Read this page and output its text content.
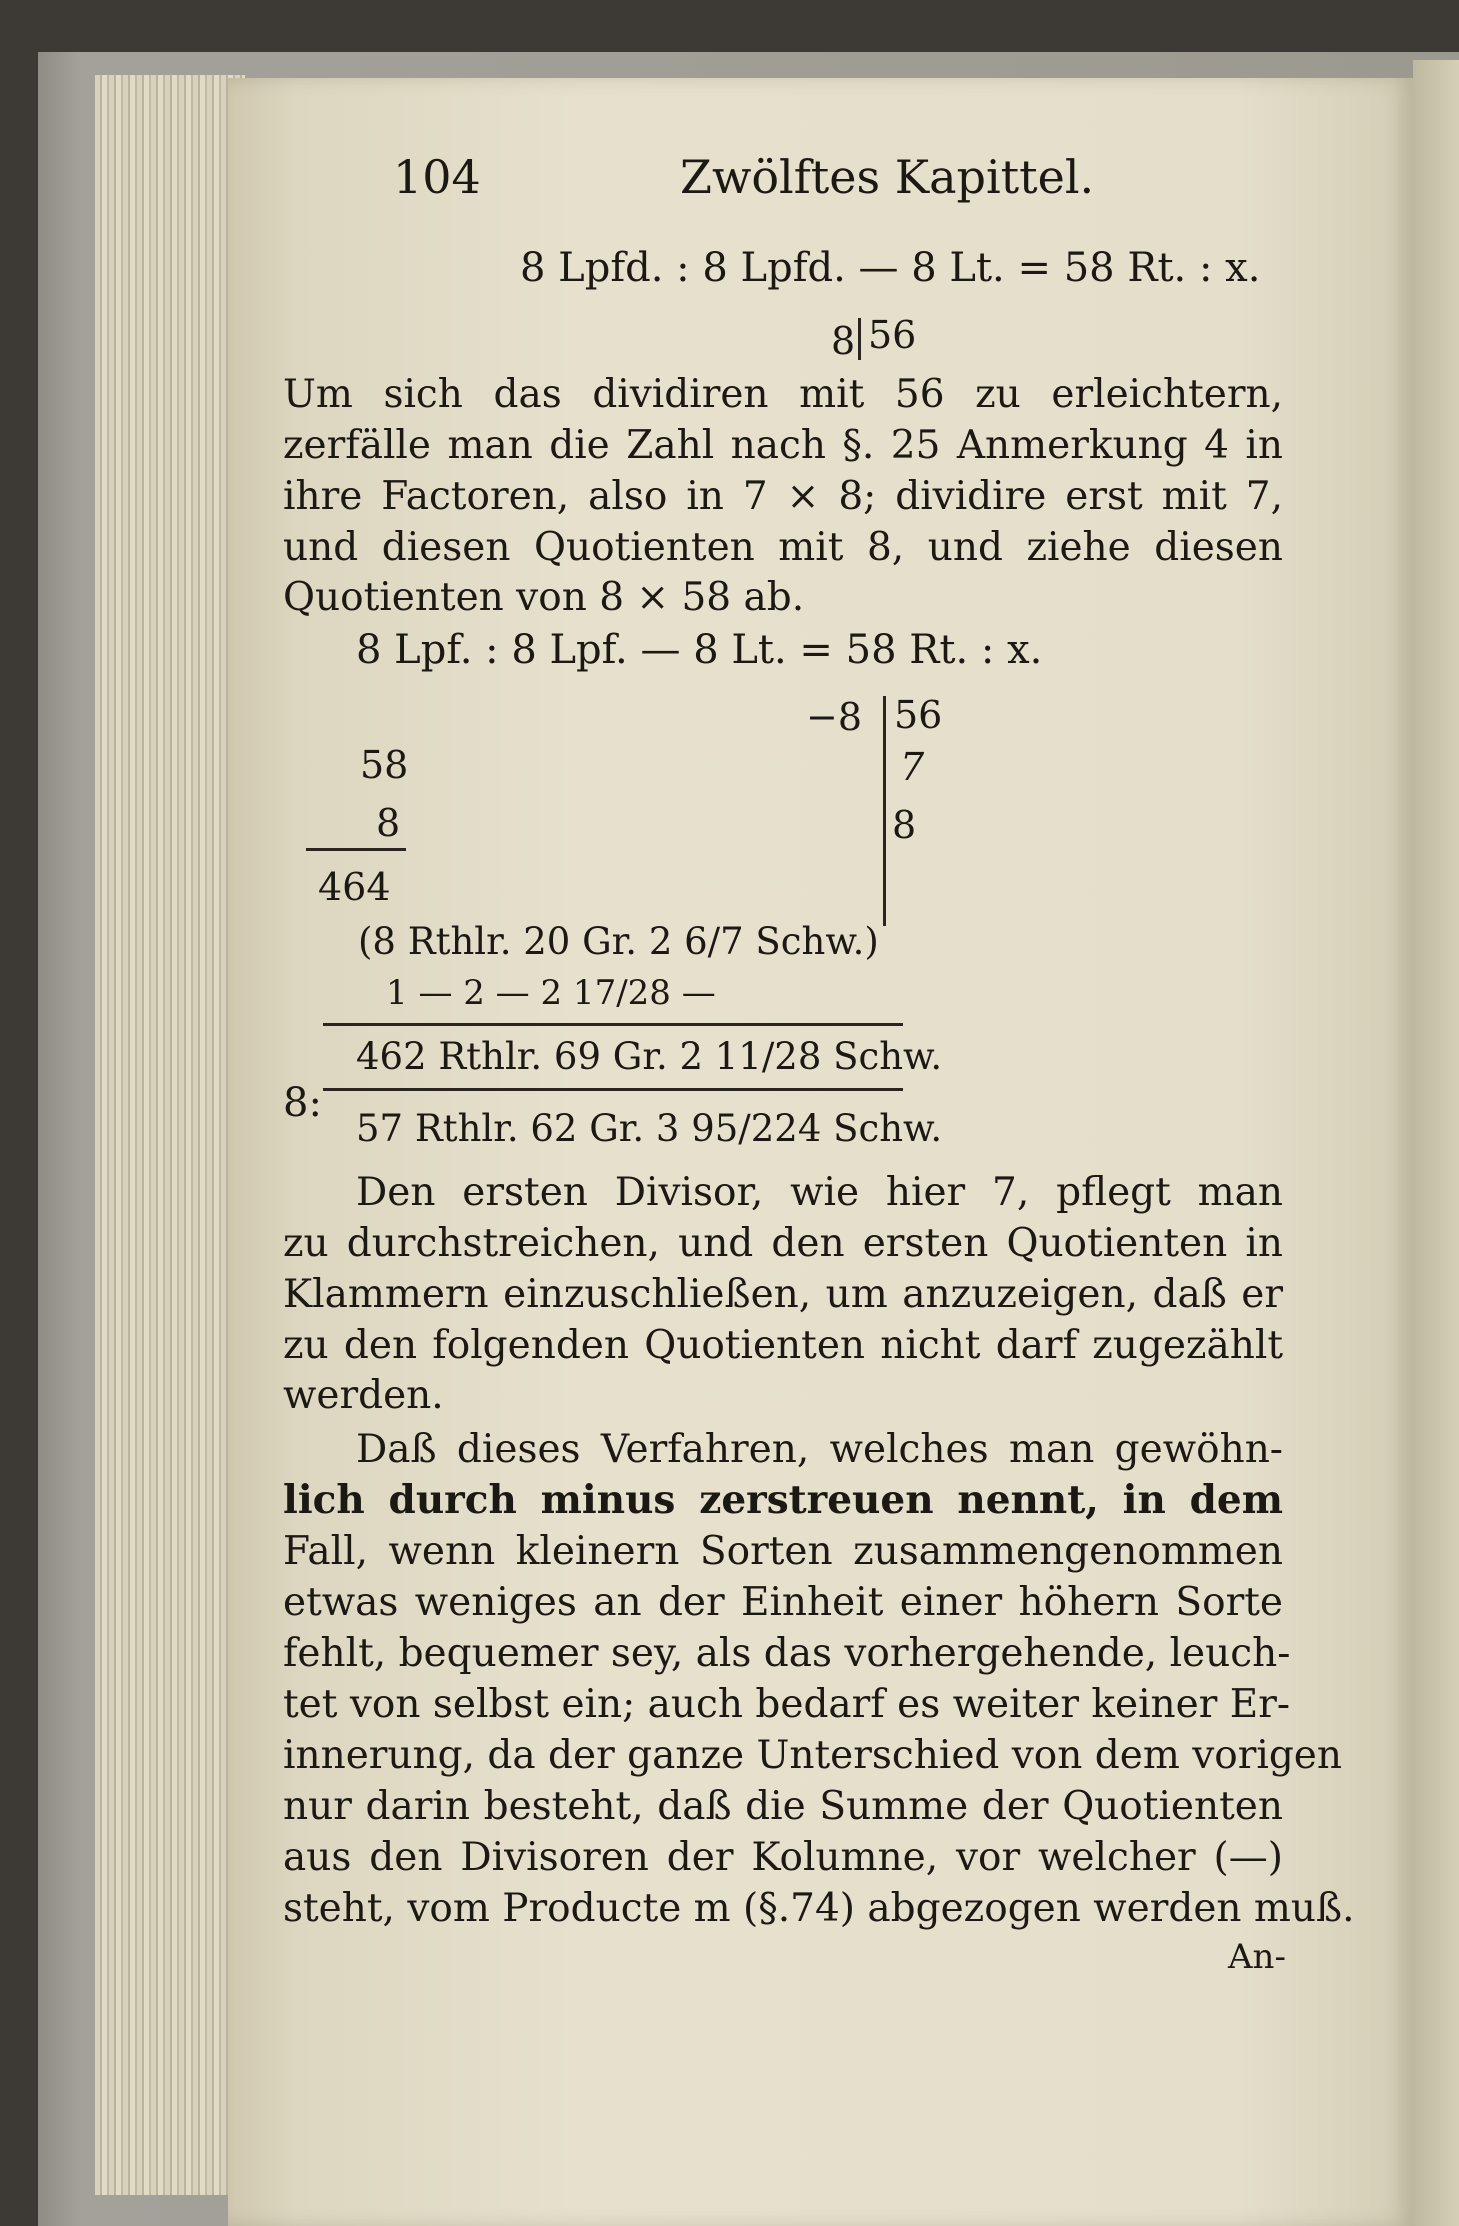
104	Zwölftes Kapittel.
8 Lpfd. : 8 Lpfd. — 8 Lt. = 58 Rt. : x.
8 56
Um sich das dividiren mit 56 zu erleichtern,
zerfälle man die Zahl nach §. 25 Anmerkung 4 in
ihre Factoren, also in 7 × 8; dividire erst mit 7,
und diesen Quotienten mit 8, und ziehe diesen
Quotienten von 8 × 58 ab.
8 Lpf. : 8 Lpf. — 8 Lt. = 58 Rt. : x.
−8 56
7
8
58
8
464
(8 Rthlr. 20 Gr. 2 6/7 Schw.)
1 — 2 — 2 17/28 —
462 Rthlr. 69 Gr. 2 11/28 Schw.
8:
57 Rthlr. 62 Gr. 3 95/224 Schw.
Den ersten Divisor, wie hier 7, pflegt man
zu durchstreichen, und den ersten Quotienten in
Klammern einzuschließen, um anzuzeigen, daß er
zu den folgenden Quotienten nicht darf zugezählt
werden.
Daß dieses Verfahren, welches man gewöhn-
lich durch minus zerstreuen nennt, in dem
Fall, wenn kleinern Sorten zusammengenommen
etwas weniges an der Einheit einer höhern Sorte
fehlt, bequemer sey, als das vorhergehende, leuch-
tet von selbst ein; auch bedarf es weiter keiner Er-
innerung, da der ganze Unterschied von dem vorigen
nur darin besteht, daß die Summe der Quotienten
aus den Divisoren der Kolumne, vor welcher (—)
steht, vom Producte m (§.74) abgezogen werden muß.
An-
